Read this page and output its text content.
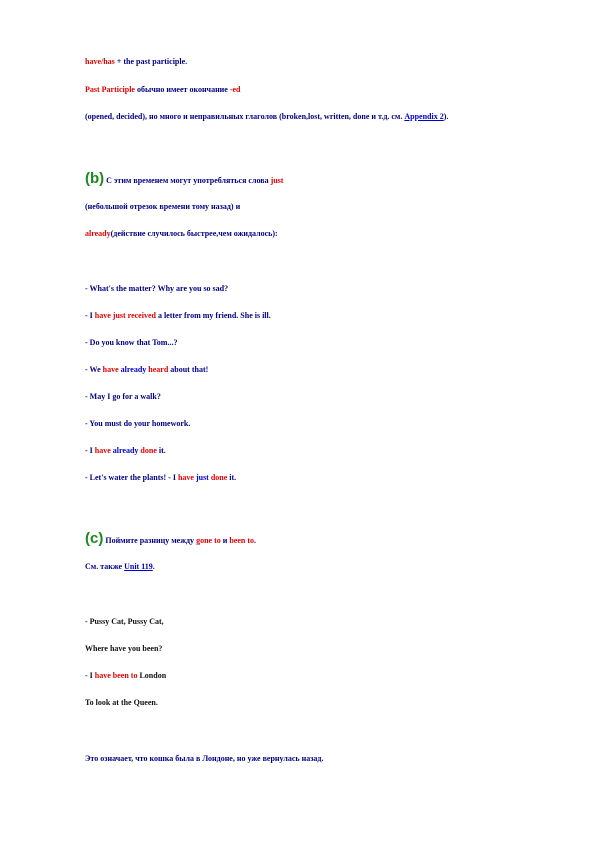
have/has + the past participle.
Past Participle обычно имеет окончание -ed
(opened, decided), но много и неправильных глаголов (broken,lost, written, done и т.д. см. Appendix 2).
(b) С этим временем могут употребляться слова just
(небольшой отрезок времени тому назад) и
already(действие случилось быстрее,чем ожидалось):
- What's the matter? Why are you so sad?
- I have just received a letter from my friend. She is ill.
- Do you know that Tom...?
- We have already heard about that!
- May I go for a walk?
- You must do your homework.
- I have already done it.
- Let's water the plants! - I have just done it.
(c) Поймите разницу между gone to и been to.
См. также Unit 119.
- Pussy Cat, Pussy Cat,
Where have you been?
- I have been to London
To look at the Queen.
Это означает, что кошка была в Лондоне, но уже вернулась назад.
